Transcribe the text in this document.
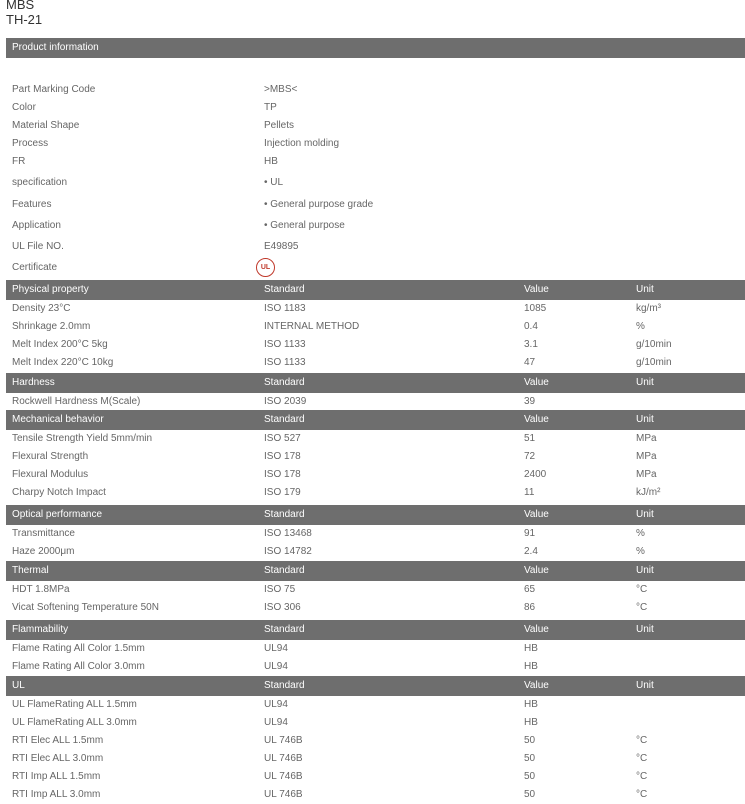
MBS
TH-21
Product information
Part Marking Code	>MBS<
Color	TP
Material Shape	Pellets
Process	Injection molding
FR	HB
specification	• UL
Features	• General purpose grade
Application	• General purpose
UL File NO.	E49895
Certificate	UL
Physical property	Standard	Value	Unit
Density 23°C	ISO 1183	1085	kg/m³
Shrinkage 2.0mm	INTERNAL METHOD	0.4	%
Melt Index 200°C 5kg	ISO 1133	3.1	g/10min
Melt Index 220°C 10kg	ISO 1133	47	g/10min
Hardness	Standard	Value	Unit
Rockwell Hardness M(Scale)	ISO 2039	39
Mechanical behavior	Standard	Value	Unit
Tensile Strength Yield 5mm/min	ISO 527	51	MPa
Flexural Strength	ISO 178	72	MPa
Flexural Modulus	ISO 178	2400	MPa
Charpy Notch Impact	ISO 179	11	kJ/m²
Optical performance	Standard	Value	Unit
Transmittance	ISO 13468	91	%
Haze 2000μm	ISO 14782	2.4	%
Thermal	Standard	Value	Unit
HDT 1.8MPa	ISO 75	65	°C
Vicat Softening Temperature 50N	ISO 306	86	°C
Flammability	Standard	Value	Unit
Flame Rating All Color 1.5mm	UL94	HB
Flame Rating All Color 3.0mm	UL94	HB
UL	Standard	Value	Unit
UL FlameRating ALL 1.5mm	UL94	HB
UL FlameRating ALL 3.0mm	UL94	HB
RTI Elec ALL 1.5mm	UL 746B	50	°C
RTI Elec ALL 3.0mm	UL 746B	50	°C
RTI Imp ALL 1.5mm	UL 746B	50	°C
RTI Imp ALL 3.0mm	UL 746B	50	°C
